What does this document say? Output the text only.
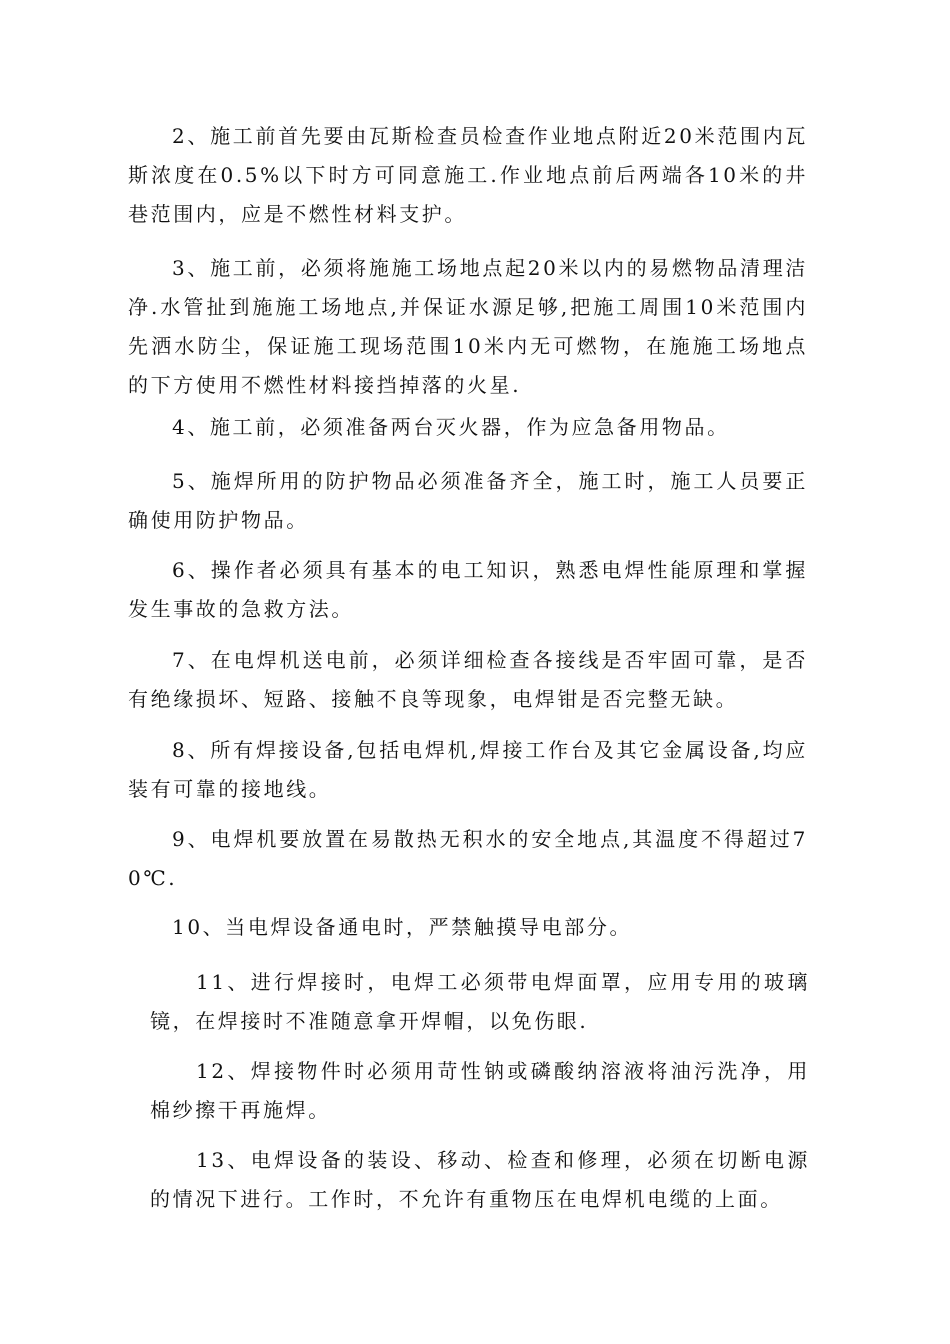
2、施工前首先要由瓦斯检查员检查作业地点附近20米范围内瓦斯浓度在0.5%以下时方可同意施工.作业地点前后两端各10米的井巷范围内，应是不燃性材料支护。

3、施工前，必须将施施工场地点起20米以内的易燃物品清理洁净.水管扯到施施工场地点,并保证水源足够,把施工周围10米范围内先洒水防尘，保证施工现场范围10米内无可燃物，在施施工场地点的下方使用不燃性材料接挡掉落的火星.

4、施工前，必须准备两台灭火器，作为应急备用物品。

5、施焊所用的防护物品必须准备齐全，施工时，施工人员要正确使用防护物品。

6、操作者必须具有基本的电工知识，熟悉电焊性能原理和掌握发生事故的急救方法。

7、在电焊机送电前，必须详细检查各接线是否牢固可靠，是否有绝缘损坏、短路、接触不良等现象，电焊钳是否完整无缺。

8、所有焊接设备,包括电焊机,焊接工作台及其它金属设备,均应装有可靠的接地线。

9、电焊机要放置在易散热无积水的安全地点,其温度不得超过70℃.

10、当电焊设备通电时，严禁触摸导电部分。

11、进行焊接时，电焊工必须带电焊面罩，应用专用的玻璃镜，在焊接时不准随意拿开焊帽，以免伤眼.

12、焊接物件时必须用苛性钠或磷酸纳溶液将油污洗净，用棉纱擦干再施焊。

13、电焊设备的装设、移动、检查和修理，必须在切断电源的情况下进行。工作时，不允许有重物压在电焊机电缆的上面。
